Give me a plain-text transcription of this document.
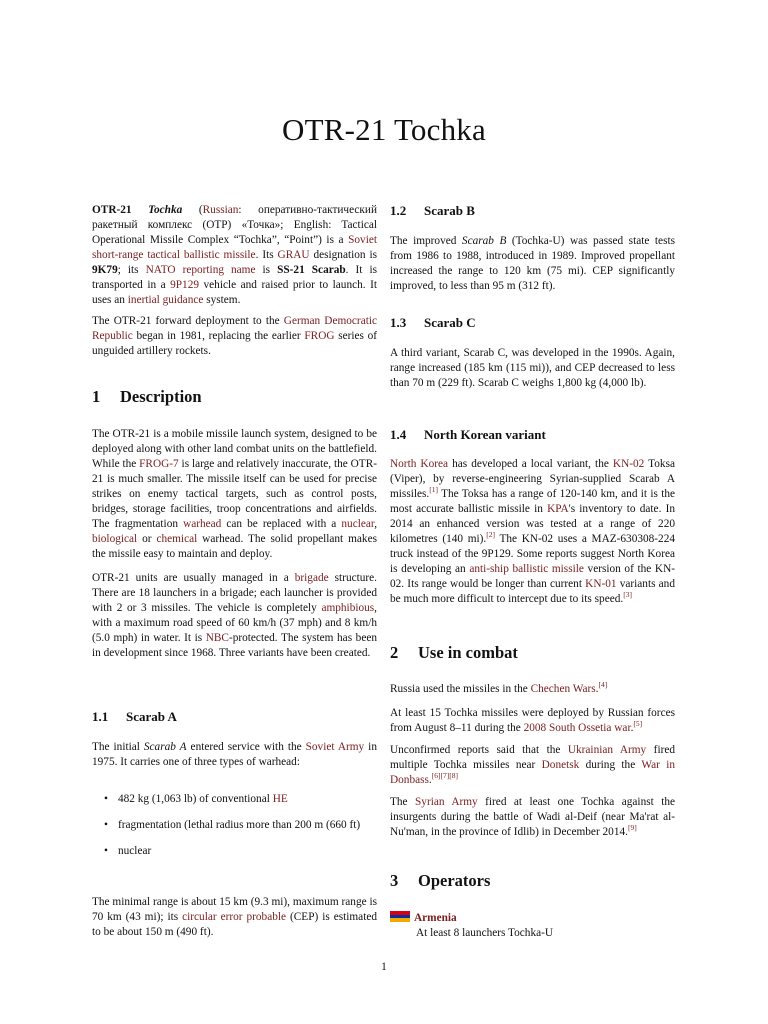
OTR-21 Tochka

OTR-21 Tochka (Russian: оперативно-тактический ракетный комплекс (ОТР) «Точка»; English: Tactical Operational Missile Complex “Tochka”, “Point”) is a Soviet short-range tactical ballistic missile. Its GRAU designation is 9K79; its NATO reporting name is SS-21 Scarab. It is transported in a 9P129 vehicle and raised prior to launch. It uses an inertial guidance system.

The OTR-21 forward deployment to the German Democratic Republic began in 1981, replacing the earlier FROG series of unguided artillery rockets.

1 Description

The OTR-21 is a mobile missile launch system, designed to be deployed along with other land combat units on the battlefield. While the FROG-7 is large and relatively inaccurate, the OTR-21 is much smaller. The missile itself can be used for precise strikes on enemy tactical targets, such as control posts, bridges, storage facilities, troop concentrations and airfields. The fragmentation warhead can be replaced with a nuclear, biological or chemical warhead. The solid propellant makes the missile easy to maintain and deploy.

OTR-21 units are usually managed in a brigade structure. There are 18 launchers in a brigade; each launcher is provided with 2 or 3 missiles. The vehicle is completely amphibious, with a maximum road speed of 60 km/h (37 mph) and 8 km/h (5.0 mph) in water. It is NBC-protected. The system has been in development since 1968. Three variants have been created.

1.1 Scarab A

The initial Scarab A entered service with the Soviet Army in 1975. It carries one of three types of warhead:

• 482 kg (1,063 lb) of conventional HE
• fragmentation (lethal radius more than 200 m (660 ft)
• nuclear

The minimal range is about 15 km (9.3 mi), maximum range is 70 km (43 mi); its circular error probable (CEP) is estimated to be about 150 m (490 ft).

1.2 Scarab B

The improved Scarab B (Tochka-U) was passed state tests from 1986 to 1988, introduced in 1989. Improved propellant increased the range to 120 km (75 mi). CEP significantly improved, to less than 95 m (312 ft).

1.3 Scarab C

A third variant, Scarab C, was developed in the 1990s. Again, range increased (185 km (115 mi)), and CEP decreased to less than 70 m (229 ft). Scarab C weighs 1,800 kg (4,000 lb).

1.4 North Korean variant

North Korea has developed a local variant, the KN-02 Toksa (Viper), by reverse-engineering Syrian-supplied Scarab A missiles.[1] The Toksa has a range of 120-140 km, and it is the most accurate ballistic missile in KPA's inventory to date. In 2014 an enhanced version was tested at a range of 220 kilometres (140 mi).[2] The KN-02 uses a MAZ-630308-224 truck instead of the 9P129. Some reports suggest North Korea is developing an anti-ship ballistic missile version of the KN-02. Its range would be longer than current KN-01 variants and be much more difficult to intercept due to its speed.[3]

2 Use in combat

Russia used the missiles in the Chechen Wars.[4]

At least 15 Tochka missiles were deployed by Russian forces from August 8–11 during the 2008 South Ossetia war.[5]

Unconfirmed reports said that the Ukrainian Army fired multiple Tochka missiles near Donetsk during the War in Donbass.[6][7][8]

The Syrian Army fired at least one Tochka against the insurgents during the battle of Wadi al-Deif (near Ma'rat al-Nu'man, in the province of Idlib) in December 2014.[9]

3 Operators
Armenia
At least 8 launchers Tochka-U
1
